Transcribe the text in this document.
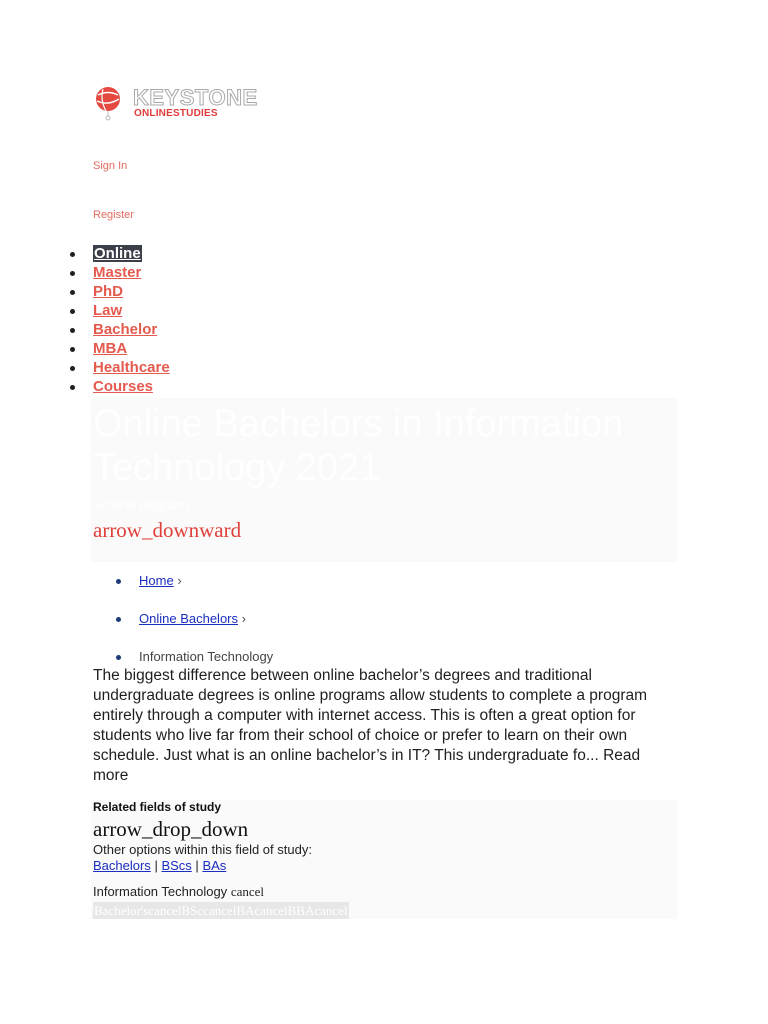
KEYSTONE
ONLINESTUDIES
Sign In
Register
Online
Master
PhD
Law
Bachelor
MBA
Healthcare
Courses
Online Bachelors in Information Technology 2021
Scroll to programs
arrow_downward
Home ›
Online Bachelors ›
Information Technology
The biggest difference between online bachelor’s degrees and traditional undergraduate degrees is online programs allow students to complete a program entirely through a computer with internet access. This is often a great option for students who live far from their school of choice or prefer to learn on their own schedule. Just what is an online bachelor’s in IT? This undergraduate fo... Read more
Related fields of study
arrow_drop_down
Other options within this field of study:
Bachelors | BScs | BAs
Information Technology cancel
Bachelor'scancelBSccancelBAcancelBBAcancel
